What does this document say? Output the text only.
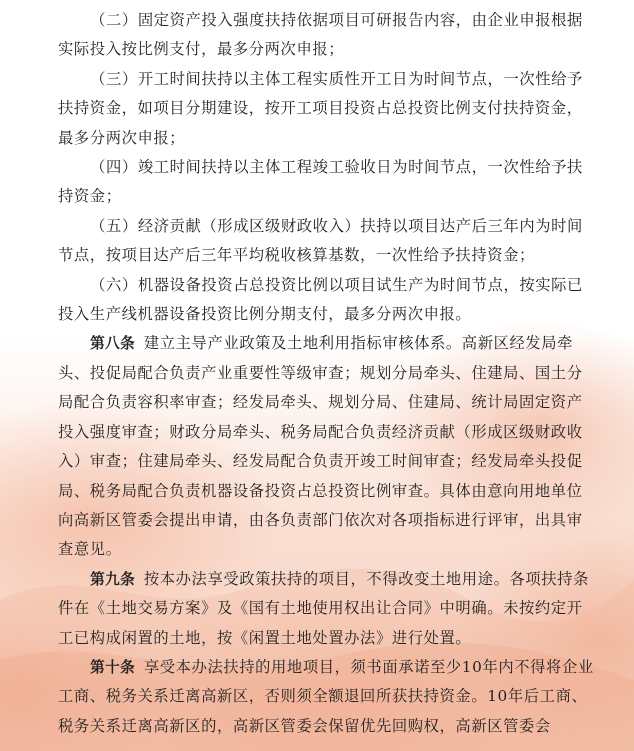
（二）固定资产投入强度扶持依据项目可研报告内容，由企业申报根据实际投入按比例支付，最多分两次申报；

（三）开工时间扶持以主体工程实质性开工日为时间节点，一次性给予扶持资金，如项目分期建设，按开工项目投资占总投资比例支付扶持资金，最多分两次申报；

（四）竣工时间扶持以主体工程竣工验收日为时间节点，一次性给予扶持资金；

（五）经济贡献（形成区级财政收入）扶持以项目达产后三年内为时间节点，按项目达产后三年平均税收核算基数，一次性给予扶持资金；

（六）机器设备投资占总投资比例以项目试生产为时间节点，按实际已投入生产线机器设备投资比例分期支付，最多分两次申报。

第八条 建立主导产业政策及土地利用指标审核体系。高新区经发局牵头、投促局配合负责产业重要性等级审查；规划分局牵头、住建局、国土分局配合负责容积率审查；经发局牵头、规划分局、住建局、统计局固定资产投入强度审查；财政分局牵头、税务局配合负责经济贡献（形成区级财政收入）审查；住建局牵头、经发局配合负责开竣工时间审查；经发局牵头投促局、税务局配合负责机器设备投资占总投资比例审查。具体由意向用地单位向高新区管委会提出申请，由各负责部门依次对各项指标进行评审，出具审查意见。

第九条 按本办法享受政策扶持的项目，不得改变土地用途。各项扶持条件在《土地交易方案》及《国有土地使用权出让合同》中明确。未按约定开工已构成闲置的土地，按《闲置土地处置办法》进行处置。

第十条 享受本办法扶持的用地项目，须书面承诺至少10年内不得将企业工商、税务关系迁离高新区，否则须全额退回所获扶持资金。10年后工商、税务关系迁离高新区的，高新区管委会保留优先回购权，高新区管委会
